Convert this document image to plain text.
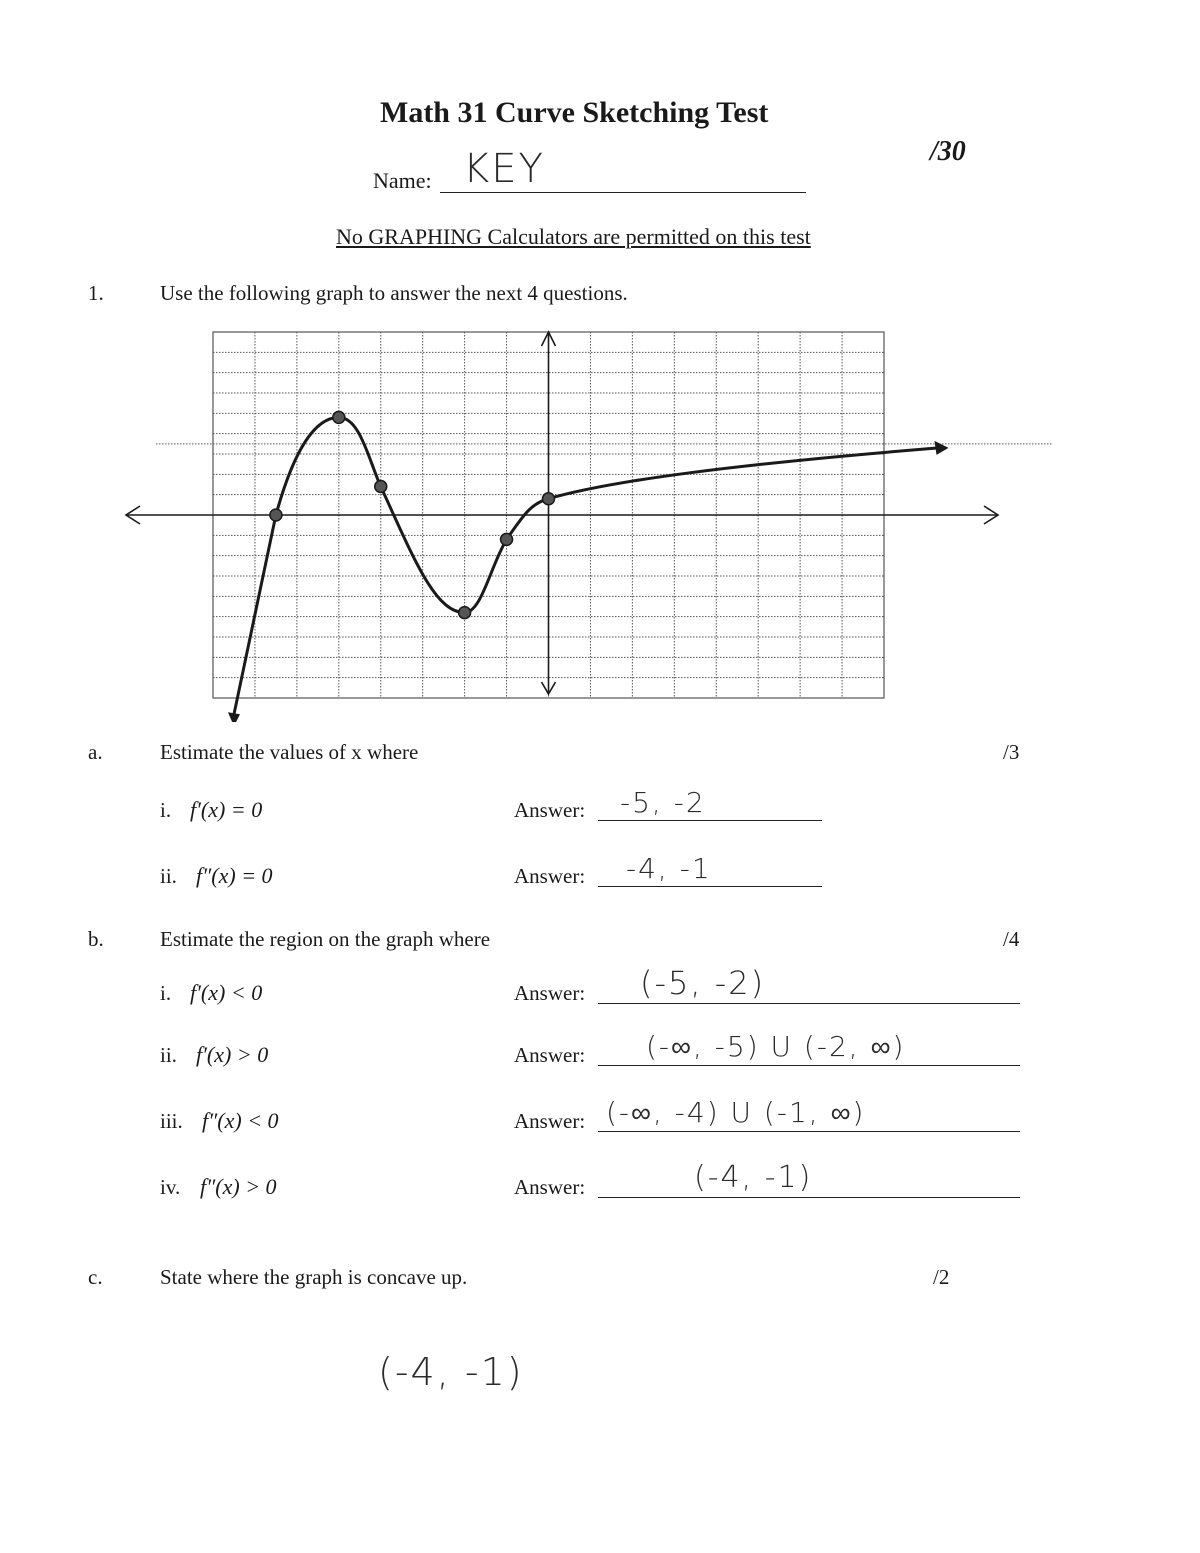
Math 31 Curve Sketching Test
/30
Name: KEY
No GRAPHING Calculators are permitted on this test
1.	Use the following graph to answer the next 4 questions.
a.	Estimate the values of x where	/3
i. f′(x) = 0	Answer: -5, -2
ii. f″(x) = 0	Answer: -4, -1
b.	Estimate the region on the graph where	/4
i. f′(x) < 0	Answer: (-5, -2)
ii. f′(x) > 0	Answer: (-∞, -5) U (-2, ∞)
iii. f″(x) < 0	Answer: (-∞, -4) U (-1, ∞)
iv. f″(x) > 0	Answer:	(-4, -1)
c.	State where the graph is concave up.	/2
(-4, -1)
